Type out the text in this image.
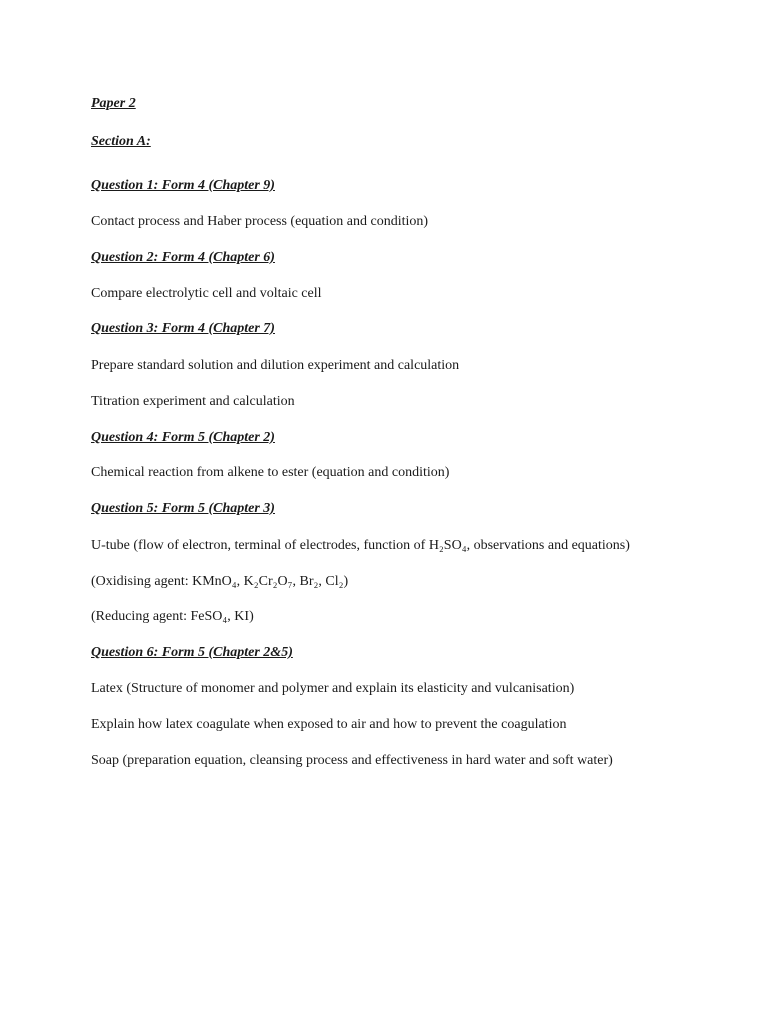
Paper 2
Section A:
Question 1: Form 4 (Chapter 9)
Contact process and Haber process (equation and condition)
Question 2: Form 4 (Chapter 6)
Compare electrolytic cell and voltaic cell
Question 3: Form 4 (Chapter 7)
Prepare standard solution and dilution experiment and calculation
Titration experiment and calculation
Question 4: Form 5 (Chapter 2)
Chemical reaction from alkene to ester (equation and condition)
Question 5: Form 5 (Chapter 3)
U-tube (flow of electron, terminal of electrodes, function of H₂SO₄, observations and equations)
(Oxidising agent: KMnO₄, K₂Cr₂O₇, Br₂, Cl₂)
(Reducing agent: FeSO₄, KI)
Question 6: Form 5 (Chapter 2&5)
Latex (Structure of monomer and polymer and explain its elasticity and vulcanisation)
Explain how latex coagulate when exposed to air and how to prevent the coagulation
Soap (preparation equation, cleansing process and effectiveness in hard water and soft water)
